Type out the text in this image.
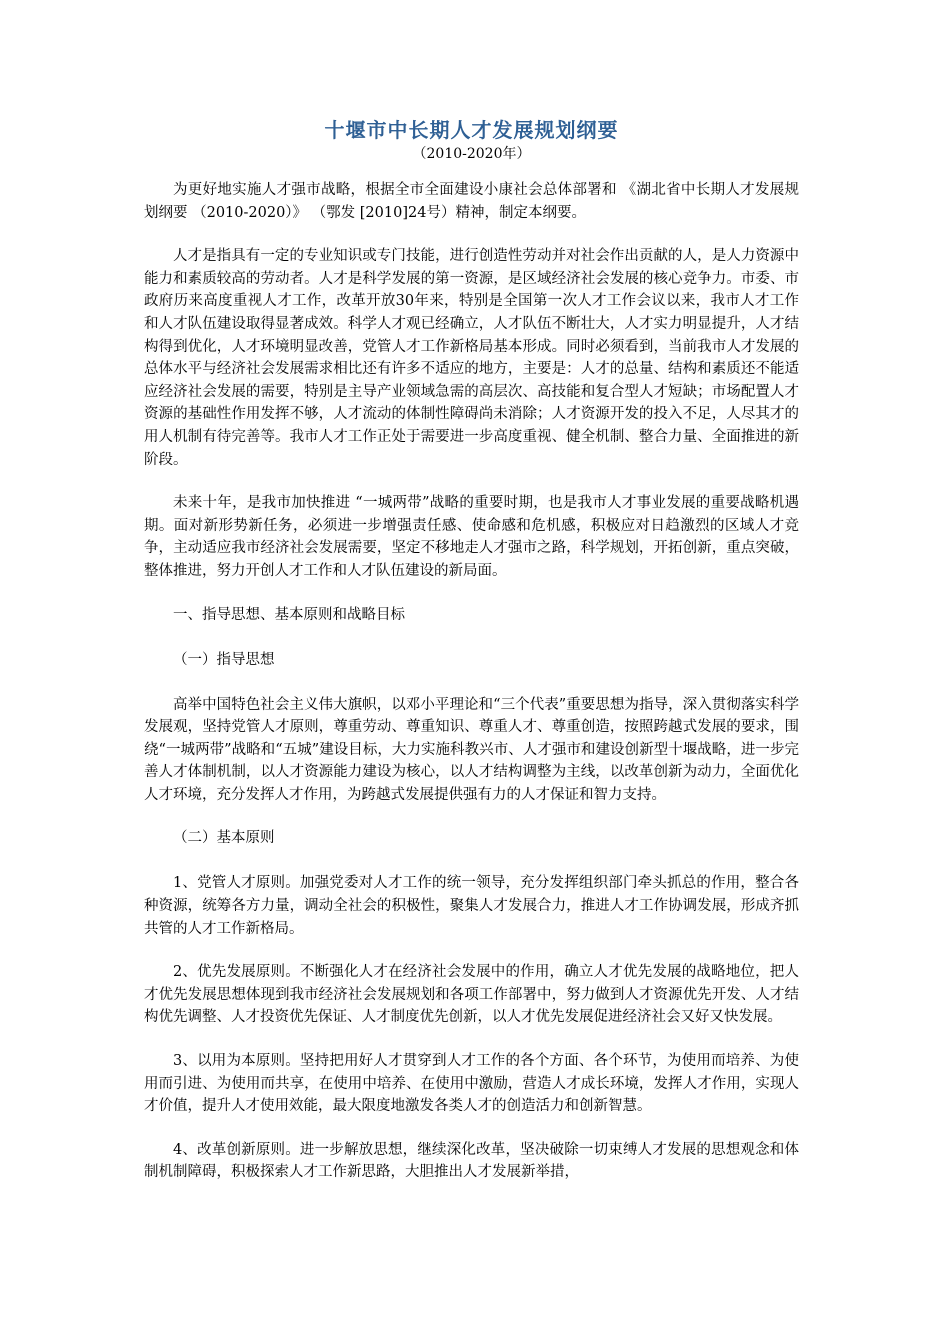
十堰市中长期人才发展规划纲要

（2010-2020年）

为更好地实施人才强市战略，根据全市全面建设小康社会总体部署和 《湖北省中长期人才发展规划纲要 （2010-2020）》 （鄂发 [2010]24号）精神，制定本纲要。

人才是指具有一定的专业知识或专门技能，进行创造性劳动并对社会作出贡献的人，是人力资源中能力和素质较高的劳动者。人才是科学发展的第一资源，是区域经济社会发展的核心竞争力。市委、市政府历来高度重视人才工作，改革开放30年来，特别是全国第一次人才工作会议以来，我市人才工作和人才队伍建设取得显著成效。科学人才观已经确立，人才队伍不断壮大，人才实力明显提升，人才结构得到优化，人才环境明显改善，党管人才工作新格局基本形成。同时必须看到，当前我市人才发展的总体水平与经济社会发展需求相比还有许多不适应的地方，主要是：人才的总量、结构和素质还不能适应经济社会发展的需要，特别是主导产业领域急需的高层次、高技能和复合型人才短缺；市场配置人才资源的基础性作用发挥不够，人才流动的体制性障碍尚未消除；人才资源开发的投入不足，人尽其才的用人机制有待完善等。我市人才工作正处于需要进一步高度重视、健全机制、整合力量、全面推进的新阶段。

未来十年，是我市加快推进 “一城两带”战略的重要时期，也是我市人才事业发展的重要战略机遇期。面对新形势新任务，必须进一步增强责任感、使命感和危机感，积极应对日趋激烈的区域人才竞争，主动适应我市经济社会发展需要，坚定不移地走人才强市之路，科学规划，开拓创新，重点突破，整体推进，努力开创人才工作和人才队伍建设的新局面。

一、指导思想、基本原则和战略目标

（一）指导思想

高举中国特色社会主义伟大旗帜，以邓小平理论和“三个代表”重要思想为指导，深入贯彻落实科学发展观，坚持党管人才原则，尊重劳动、尊重知识、尊重人才、尊重创造，按照跨越式发展的要求，围绕“一城两带”战略和“五城”建设目标，大力实施科教兴市、人才强市和建设创新型十堰战略，进一步完善人才体制机制，以人才资源能力建设为核心，以人才结构调整为主线，以改革创新为动力，全面优化人才环境，充分发挥人才作用，为跨越式发展提供强有力的人才保证和智力支持。

（二）基本原则

1、党管人才原则。加强党委对人才工作的统一领导，充分发挥组织部门牵头抓总的作用，整合各种资源，统筹各方力量，调动全社会的积极性，聚集人才发展合力，推进人才工作协调发展，形成齐抓共管的人才工作新格局。

2、优先发展原则。不断强化人才在经济社会发展中的作用，确立人才优先发展的战略地位，把人才优先发展思想体现到我市经济社会发展规划和各项工作部署中，努力做到人才资源优先开发、人才结构优先调整、人才投资优先保证、人才制度优先创新，以人才优先发展促进经济社会又好又快发展。

3、以用为本原则。坚持把用好人才贯穿到人才工作的各个方面、各个环节，为使用而培养、为使用而引进、为使用而共享，在使用中培养、在使用中激励，营造人才成长环境，发挥人才作用，实现人才价值，提升人才使用效能，最大限度地激发各类人才的创造活力和创新智慧。

4、改革创新原则。进一步解放思想，继续深化改革，坚决破除一切束缚人才发展的思想观念和体制机制障碍，积极探索人才工作新思路，大胆推出人才发展新举措，
